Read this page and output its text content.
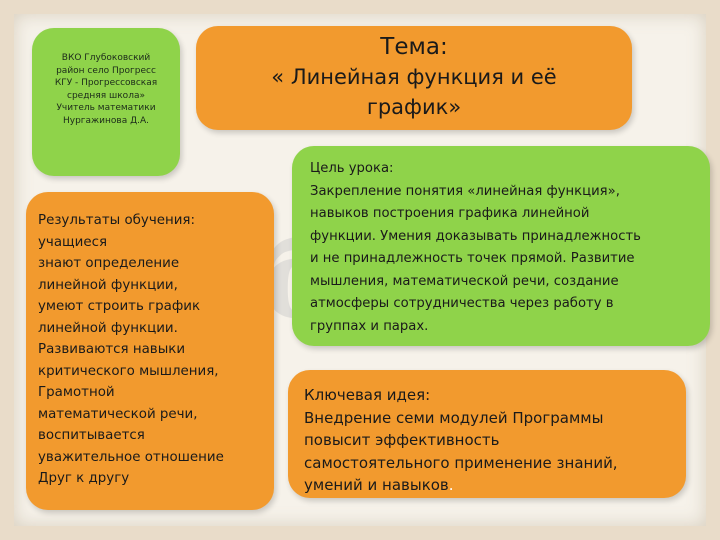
ВКО Глубоковский
район село Прогресс
КГУ - Прогрессовская
средняя школа»
Учитель математики
Нургажинова Д.А.
Тема:
« Линейная функция и её
график»
Результаты обучения:
учащиеся
знают определение
линейной функции,
умеют строить график
линейной функции.
Развиваются навыки
критического мышления,
Грамотной
математической речи,
воспитывается
уважительное отношение
Друг к другу
Цель урока:
Закрепление понятия «линейная функция»,
навыков построения графика линейной
функции. Умения доказывать принадлежность
и не принадлежность точек прямой. Развитие
мышления, математической речи, создание
атмосферы сотрудничества через работу в
группах и парах.
Ключевая идея:
Внедрение семи модулей Программы
повысит эффективность
самостоятельного применение знаний,
умений и навыков.
